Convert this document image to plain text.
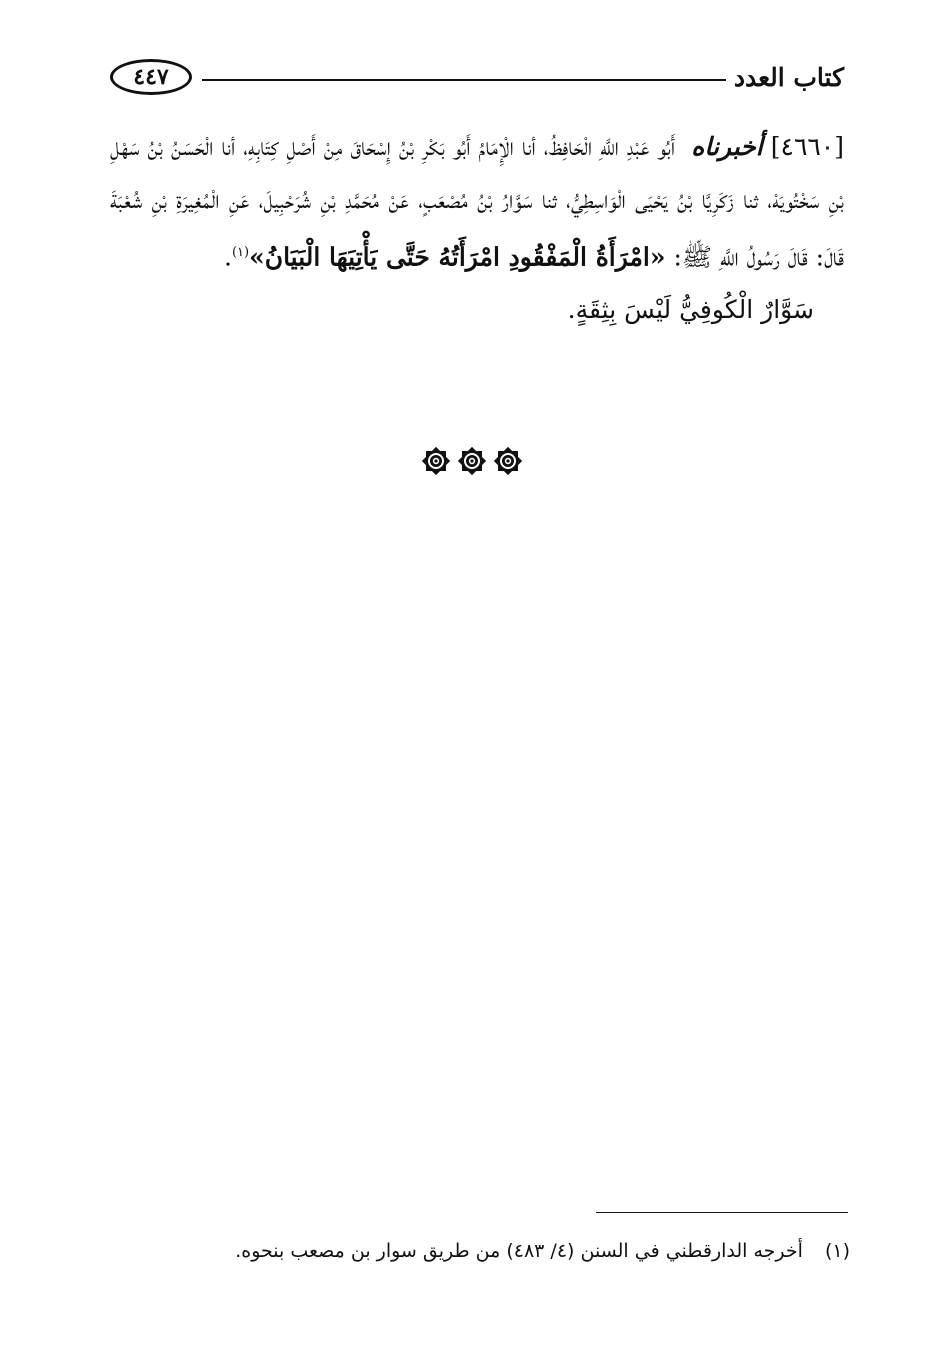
كتاب العدد
٤٤٧

[٤٦٦٠] أخبرناه  أَبُو عَبْدِ اللَّهِ الْحَافِظُ، أنا الْإِمَامُ أَبُو بَكْرِ بْنُ إِسْحَاقَ مِنْ أَصْلِ كِتَابِهِ، أنا الْحَسَنُ بْنُ سَهْلِ بْنِ سَخْتُويَهْ، ثنا زَكَرِيَّا بْنُ يَحْيَى الْوَاسِطِيُّ، ثنا سَوَّارُ بْنُ مُصْعَبٍ، عَنْ مُحَمَّدِ بْنِ شُرَحْبِيلَ، عَنِ الْمُغِيرَةِ بْنِ شُعْبَةَ قَالَ: قَالَ رَسُولُ اللَّهِ ﷺ: «امْرَأَةُ الْمَفْقُودِ امْرَأَتُهُ حَتَّى يَأْتِيَهَا الْبَيَانُ»$^{(١)}$.

سَوَّارٌ الْكُوفِيُّ لَيْسَ بِثِقَةٍ.

(١)أخرجه الدارقطني في السنن (٤/ ٤٨٣) من طريق سوار بن مصعب بنحوه.
